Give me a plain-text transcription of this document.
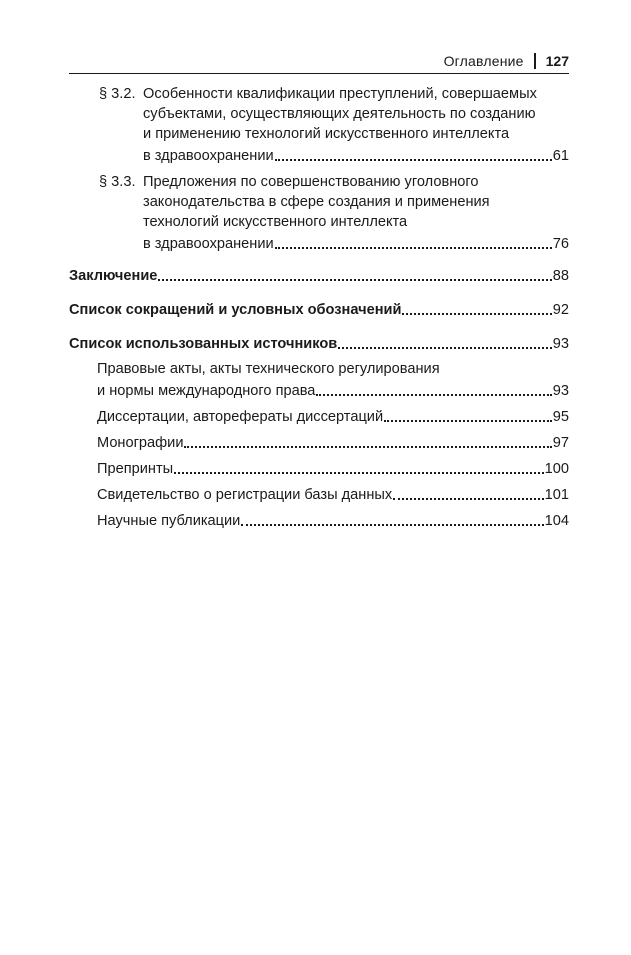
Оглавление 127
§ 3.2. Особенности квалификации преступлений, совершаемых
субъектами, осуществляющих деятельность по созданию
и применению технологий искусственного интеллекта
в здравоохранении	61
§ 3.3. Предложения по совершенствованию уголовного
законодательства в сфере создания и применения
технологий искусственного интеллекта
в здравоохранении	76
Заключение	88
Список сокращений и условных обозначений	92
Список использованных источников	93
Правовые акты, акты технического регулирования
и нормы международного права	93
Диссертации, авторефераты диссертаций	95
Монографии	97
Препринты	100
Свидетельство о регистрации базы данных	101
Научные публикации	104
